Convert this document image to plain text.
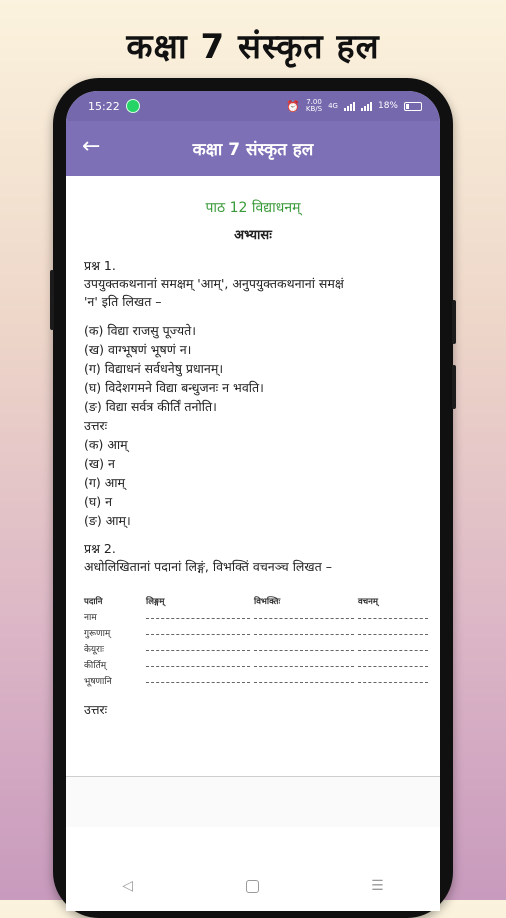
कक्षा 7 संस्कृत हल
15:22	⏰ 7.00
KB/S 4G	18%
←	कक्षा 7 संस्कृत हल
पाठ 12 विद्याधनम्
अभ्यासः
प्रश्न 1.
उपयुक्तकथनानां समक्षम् 'आम्', अनुपयुक्तकथनानां समक्षं
'न' इति लिखत –
(क) विद्या राजसु पूज्यते।
(ख) वाग्भूषणं भूषणं न।
(ग) विद्याधनं सर्वधनेषु प्रधानम्।
(घ) विदेशगमने विद्या बन्धुजनः न भवति।
(ङ) विद्या सर्वत्र कीर्तिं तनोति।
उत्तरः
(क) आम्
(ख) न
(ग) आम्
(घ) न
(ङ) आम्।
प्रश्न 2.
अधोलिखितानां पदानां लिङ्गं, विभक्तिं वचनञ्च लिखत –
पदानि	लिङ्गम्	विभक्तिः	वचनम्
नाम
गुरूणाम्
केयूराः
कीर्तिम्
भूषणानि
उत्तरः
◁	☰
